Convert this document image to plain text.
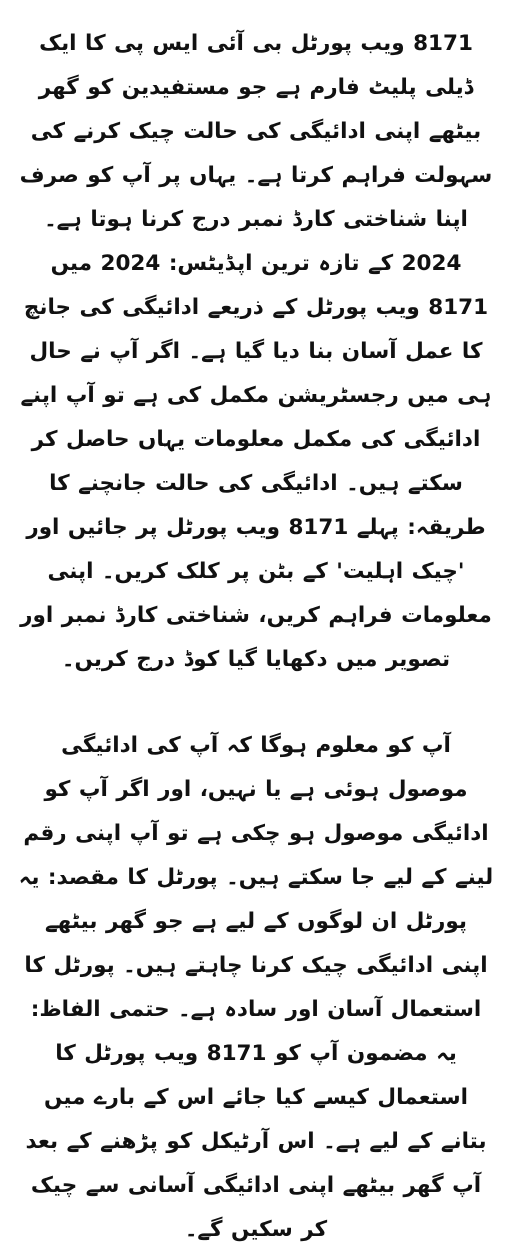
8171 ویب پورٹل بی آئی ایس پی کا ایک ڈیلی پلیٹ فارم ہے جو مستفیدین کو گھر بیٹھے اپنی ادائیگی کی حالت چیک کرنے کی سہولت فراہم کرتا ہے۔ یہاں پر آپ کو صرف اپنا شناختی کارڈ نمبر درج کرنا ہوتا ہے۔ 2024 کے تازہ ترین اپڈیٹس: 2024 میں 8171 ویب پورٹل کے ذریعے ادائیگی کی جانچ کا عمل آسان بنا دیا گیا ہے۔ اگر آپ نے حال ہی میں رجسٹریشن مکمل کی ہے تو آپ اپنے ادائیگی کی مکمل معلومات یہاں حاصل کر سکتے ہیں۔ ادائیگی کی حالت جانچنے کا طریقہ: پہلے 8171 ویب پورٹل پر جائیں اور 'چیک اہلیت' کے بٹن پر کلک کریں۔ اپنی معلومات فراہم کریں، شناختی کارڈ نمبر اور تصویر میں دکھایا گیا کوڈ درج کریں۔

آپ کو معلوم ہوگا کہ آپ کی ادائیگی موصول ہوئی ہے یا نہیں، اور اگر آپ کو ادائیگی موصول ہو چکی ہے تو آپ اپنی رقم لینے کے لیے جا سکتے ہیں۔ پورٹل کا مقصد: یہ پورٹل ان لوگوں کے لیے ہے جو گھر بیٹھے اپنی ادائیگی چیک کرنا چاہتے ہیں۔ پورٹل کا استعمال آسان اور سادہ ہے۔ حتمی الفاظ: یہ مضمون آپ کو 8171 ویب پورٹل کا استعمال کیسے کیا جائے اس کے بارے میں بتانے کے لیے ہے۔ اس آرٹیکل کو پڑھنے کے بعد آپ گھر بیٹھے اپنی ادائیگی آسانی سے چیک کر سکیں گے۔
